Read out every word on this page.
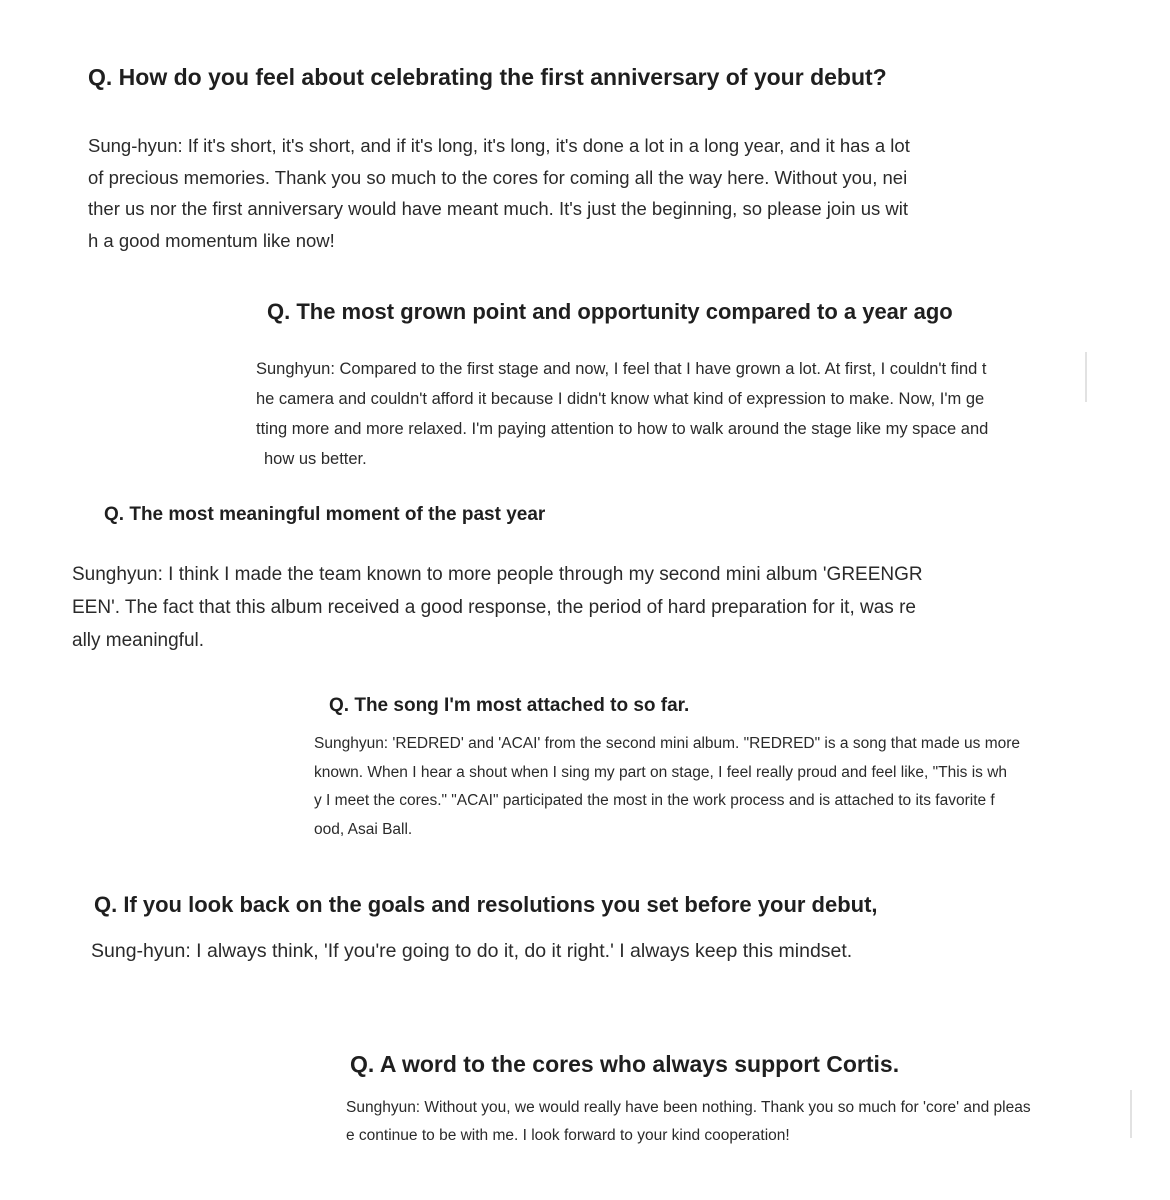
Q. How do you feel about celebrating the first anniversary of your debut?

Sung-hyun: If it's short, it's short, and if it's long, it's long, it's done a lot in a long year, and it has a lot
of precious memories. Thank you so much to the cores for coming all the way here. Without you, nei
ther us nor the first anniversary would have meant much. It's just the beginning, so please join us wit
h a good momentum like now!

Q. The most grown point and opportunity compared to a year ago

Sunghyun: Compared to the first stage and now, I feel that I have grown a lot. At first, I couldn't find t
he camera and couldn't afford it because I didn't know what kind of expression to make. Now, I'm ge
tting more and more relaxed. I'm paying attention to how to walk around the stage like my space and
how us better.

Q. The most meaningful moment of the past year

Sunghyun: I think I made the team known to more people through my second mini album 'GREENGR
EEN'. The fact that this album received a good response, the period of hard preparation for it, was re
ally meaningful.

Q. The song I'm most attached to so far.

Sunghyun: 'REDRED' and 'ACAI' from the second mini album. "REDRED" is a song that made us more
known. When I hear a shout when I sing my part on stage, I feel really proud and feel like, "This is wh
y I meet the cores." "ACAI" participated the most in the work process and is attached to its favorite f
ood, Asai Ball.

Q. If you look back on the goals and resolutions you set before your debut,

Sung-hyun: I always think, 'If you're going to do it, do it right.' I always keep this mindset.

Q. A word to the cores who always support Cortis.

Sunghyun: Without you, we would really have been nothing. Thank you so much for 'core' and pleas
e continue to be with me. I look forward to your kind cooperation!
